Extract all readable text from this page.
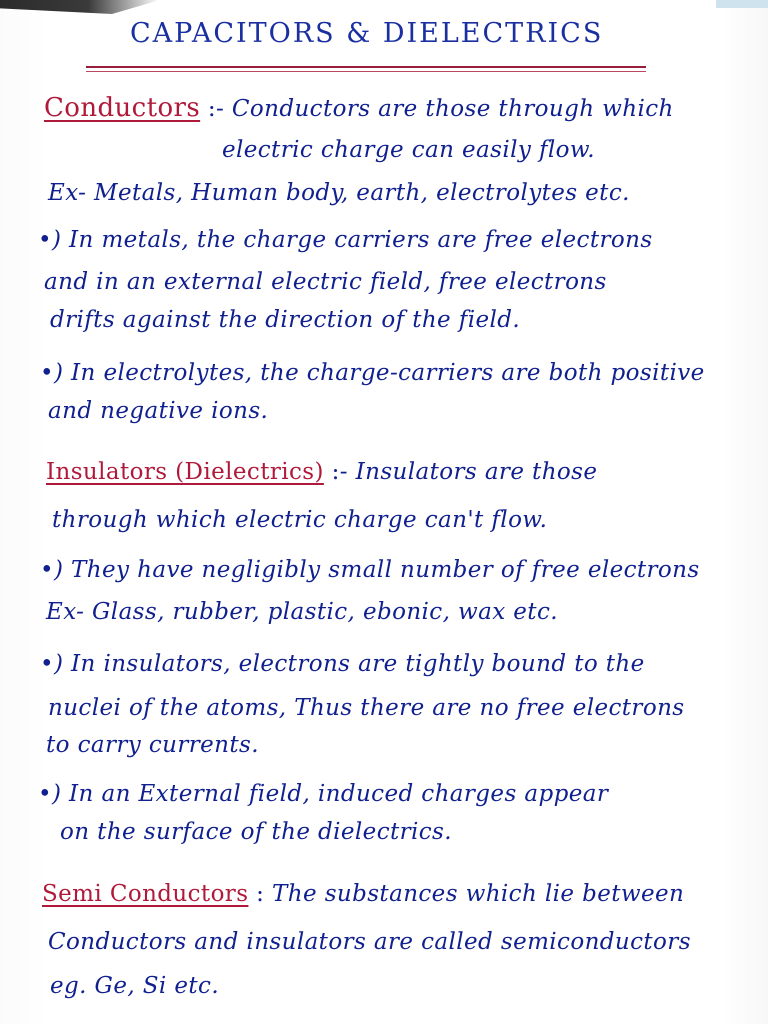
CAPACITORS & DIELECTRICS
Conductors :- Conductors are those through which
electric charge can easily flow.
Ex- Metals, Human body, earth, electrolytes etc.
•) In metals, the charge carriers are free electrons
and in an external electric field, free electrons
drifts against the direction of the field.
•) In electrolytes, the charge-carriers are both positive
and negative ions.
Insulators (Dielectrics) :- Insulators are those
through which electric charge can't flow.
•) They have negligibly small number of free electrons
Ex- Glass, rubber, plastic, ebonic, wax etc.
•) In insulators, electrons are tightly bound to the
nuclei of the atoms, Thus there are no free electrons
to carry currents.
•) In an External field, induced charges appear
on the surface of the dielectrics.
Semi Conductors : The substances which lie between
Conductors and insulators are called semiconductors
eg. Ge, Si etc.
